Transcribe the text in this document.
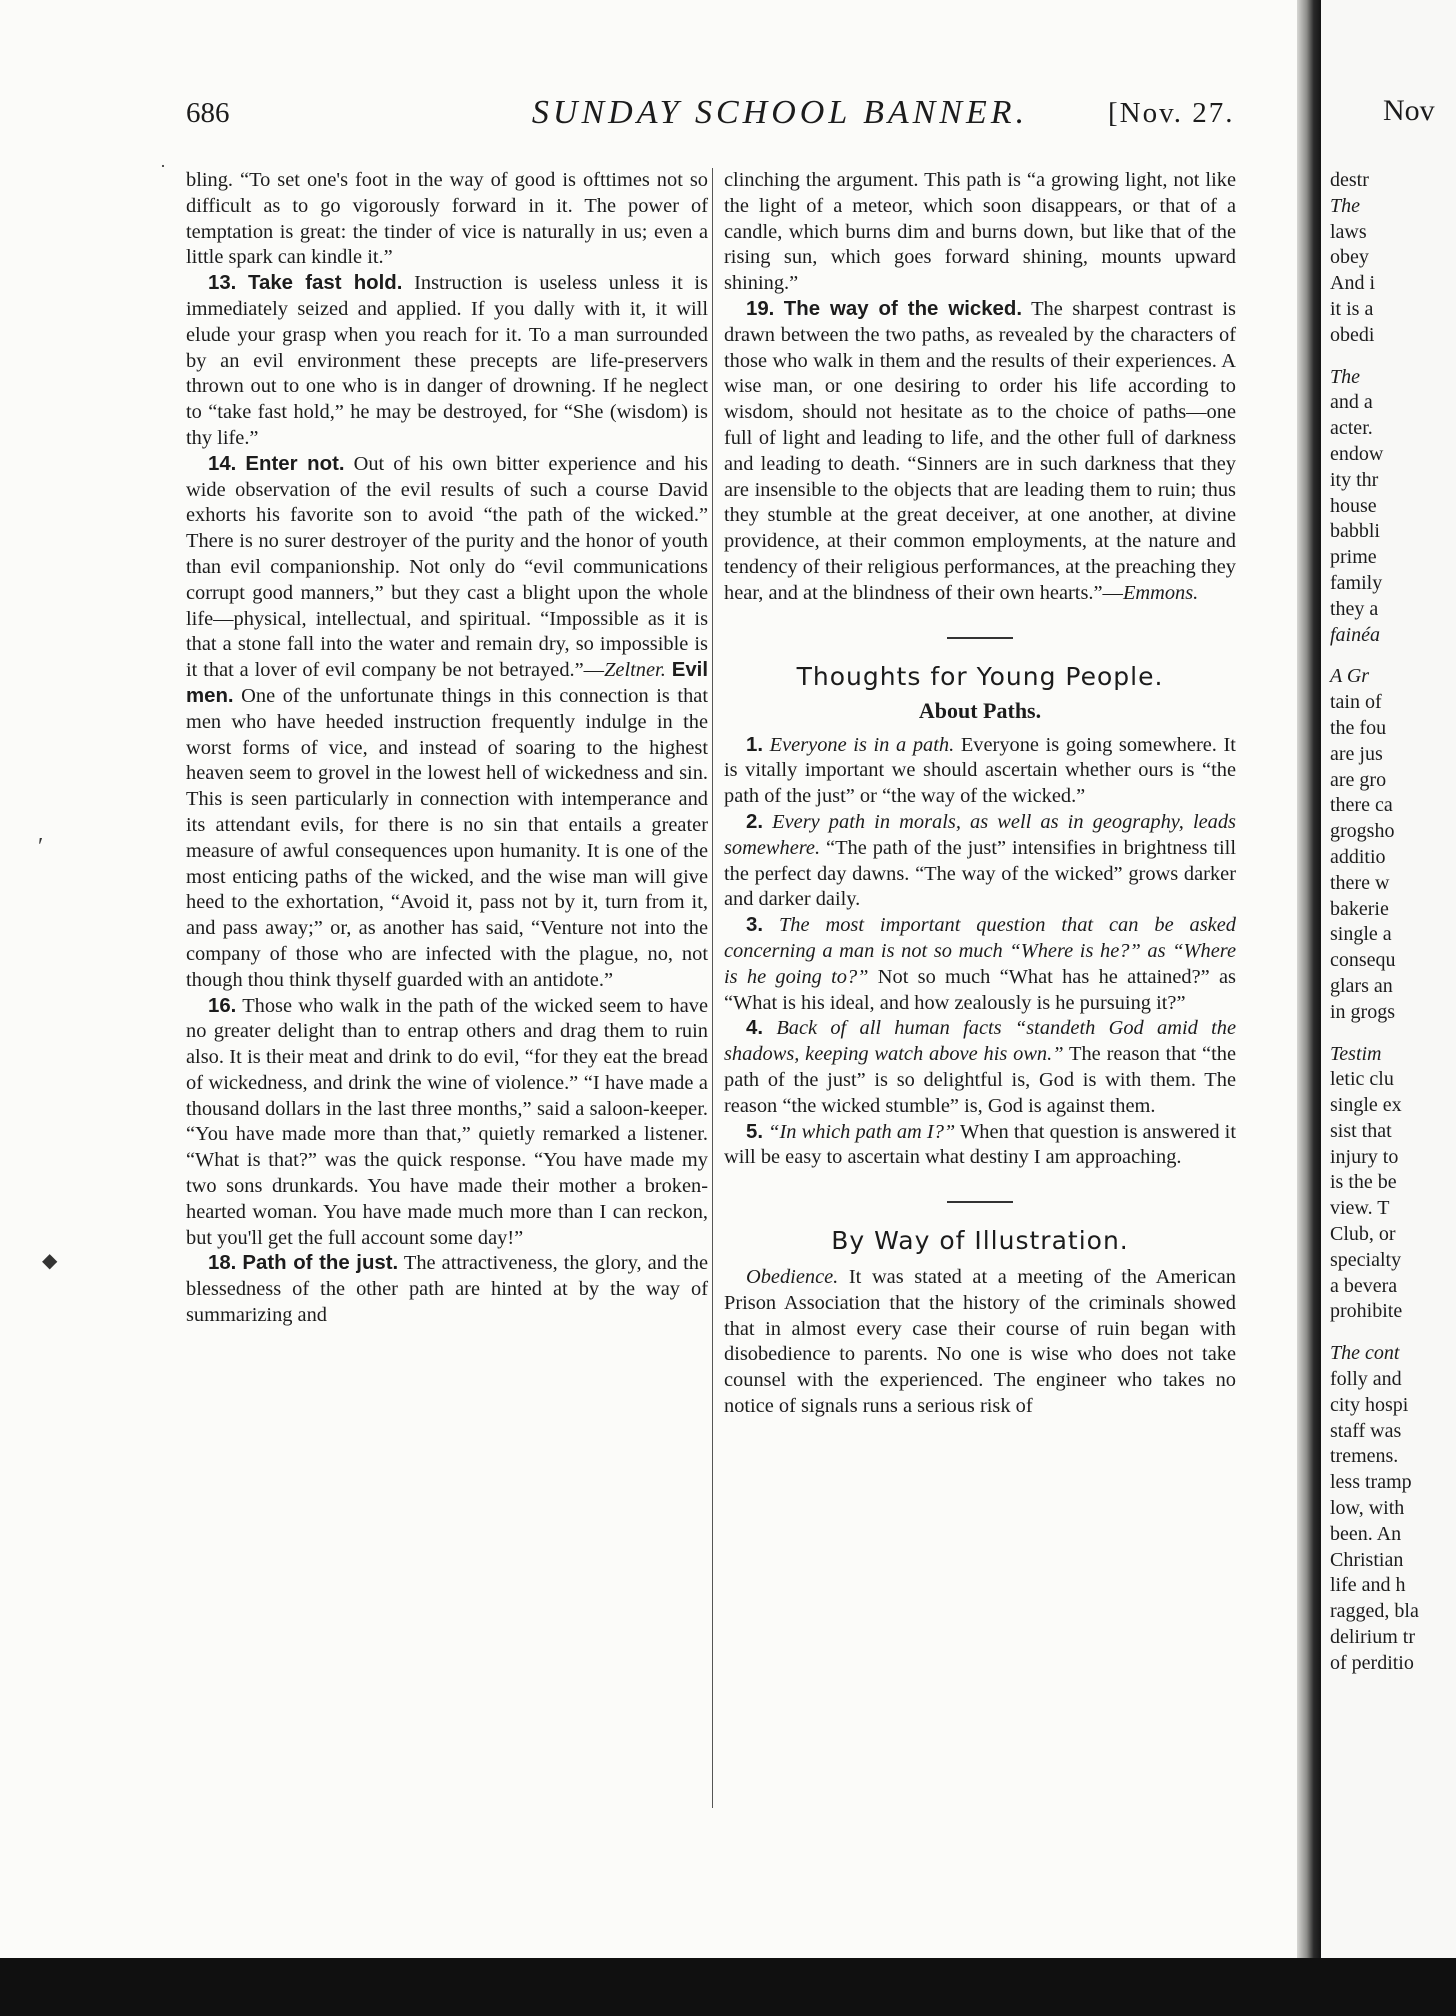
686	SUNDAY SCHOOL BANNER.	[Nov. 27.
·
′
◆

bling. “To set one's foot in the way of good is ofttimes not so difficult as to go vigorously forward in it. The power of temptation is great: the tinder of vice is naturally in us; even a little spark can kindle it.”

13. Take fast hold. Instruction is useless unless it is immediately seized and applied. If you dally with it, it will elude your grasp when you reach for it. To a man surrounded by an evil environment these precepts are life-preservers thrown out to one who is in danger of drowning. If he neglect to “take fast hold,” he may be destroyed, for “She (wisdom) is thy life.”

14. Enter not. Out of his own bitter experience and his wide observation of the evil results of such a course David exhorts his favorite son to avoid “the path of the wicked.” There is no surer destroyer of the purity and the honor of youth than evil companionship. Not only do “evil communications corrupt good manners,” but they cast a blight upon the whole life—physical, intellectual, and spiritual. “Impossible as it is that a stone fall into the water and remain dry, so impossible is it that a lover of evil company be not betrayed.”—Zeltner. Evil men. One of the unfortunate things in this connection is that men who have heeded instruction frequently indulge in the worst forms of vice, and instead of soaring to the highest heaven seem to grovel in the lowest hell of wickedness and sin. This is seen particularly in connection with intemperance and its attendant evils, for there is no sin that entails a greater measure of awful consequences upon humanity. It is one of the most enticing paths of the wicked, and the wise man will give heed to the exhortation, “Avoid it, pass not by it, turn from it, and pass away;” or, as another has said, “Venture not into the company of those who are infected with the plague, no, not though thou think thyself guarded with an antidote.”

16. Those who walk in the path of the wicked seem to have no greater delight than to entrap others and drag them to ruin also. It is their meat and drink to do evil, “for they eat the bread of wickedness, and drink the wine of violence.” “I have made a thousand dollars in the last three months,” said a saloon-keeper. “You have made more than that,” quietly remarked a listener. “What is that?” was the quick response. “You have made my two sons drunkards. You have made their mother a broken-hearted woman. You have made much more than I can reckon, but you'll get the full account some day!”

18. Path of the just. The attractiveness, the glory, and the blessedness of the other path are hinted at by the way of summarizing and

clinching the argument. This path is “a growing light, not like the light of a meteor, which soon disappears, or that of a candle, which burns dim and burns down, but like that of the rising sun, which goes forward shining, mounts upward shining.”

19. The way of the wicked. The sharpest contrast is drawn between the two paths, as revealed by the characters of those who walk in them and the results of their experiences. A wise man, or one desiring to order his life according to wisdom, should not hesitate as to the choice of paths—one full of light and leading to life, and the other full of darkness and leading to death. “Sinners are in such darkness that they are insensible to the objects that are leading them to ruin; thus they stumble at the great deceiver, at one another, at divine providence, at their common employments, at the nature and tendency of their religious performances, at the preaching they hear, and at the blindness of their own hearts.”—Emmons.

Thoughts for Young People.
About Paths.

1. Everyone is in a path. Everyone is going somewhere. It is vitally important we should ascertain whether ours is “the path of the just” or “the way of the wicked.”

2. Every path in morals, as well as in geography, leads somewhere. “The path of the just” intensifies in brightness till the perfect day dawns. “The way of the wicked” grows darker and darker daily.

3. The most important question that can be asked concerning a man is not so much “Where is he?” as “Where is he going to?” Not so much “What has he attained?” as “What is his ideal, and how zealously is he pursuing it?”

4. Back of all human facts “standeth God amid the shadows, keeping watch above his own.” The reason that “the path of the just” is so delightful is, God is with them. The reason “the wicked stumble” is, God is against them.

5. “In which path am I?” When that question is answered it will be easy to ascertain what destiny I am approaching.

By Way of Illustration.

Obedience. It was stated at a meeting of the American Prison Association that the history of the criminals showed that in almost every case their course of ruin began with disobedience to parents. No one is wise who does not take counsel with the experienced. The engineer who takes no notice of signals runs a serious risk of

Nov
destr
The
laws
obey
And i
it is a
obedi
The
and a
acter.
endow
ity thr
house
babbli
prime
family
they a
fainéa
A Gr
tain of
the fou
are jus
are gro
there ca
grogsho
additio
there w
bakerie
single a
consequ
glars an
in grogs
Testim
letic clu
single ex
sist that
injury to
is the be
view. T
Club, or
specialty
a bevera
prohibite
The cont
folly and
city hospi
staff was
tremens.
less tramp
low, with
been. An
Christian
life and h
ragged, bla
delirium tr
of perditio
